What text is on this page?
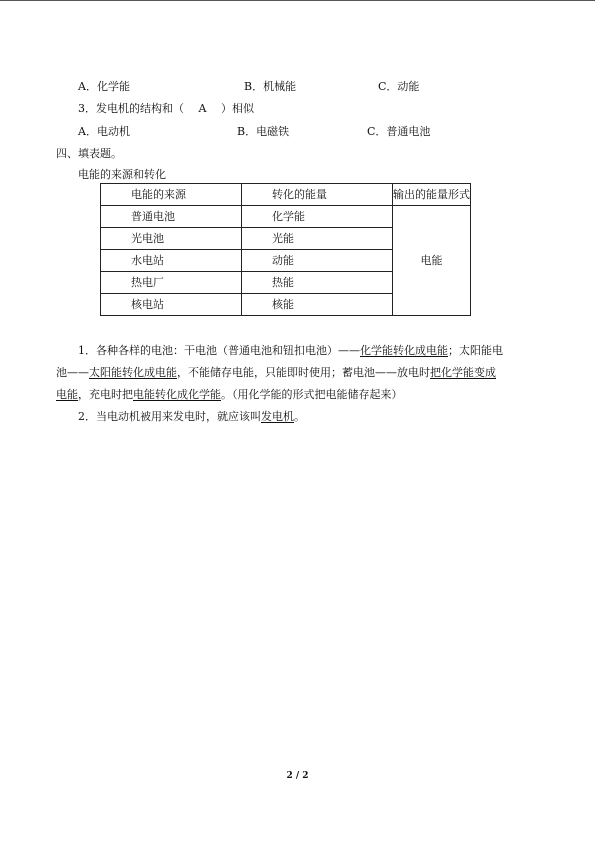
A．化学能	B．机械能	C．动能
3．发电机的结构和（ A ）相似
A．电动机	B．电磁铁	C．普通电池
四、填表题。
电能的来源和转化
电能的来源	转化的能量	输出的能量形式
普通电池	化学能	电能
光电池	光能	
水电站	动能	
热电厂	热能	
核电站	核能	
1．各种各样的电池：干电池（普通电池和钮扣电池）——化学能转化成电能；太阳能电
池——太阳能转化成电能，不能储存电能，只能即时使用；蓄电池——放电时把化学能变成
电能，充电时把电能转化成化学能。（用化学能的形式把电能储存起来）
2．当电动机被用来发电时，就应该叫发电机。
2 / 2
